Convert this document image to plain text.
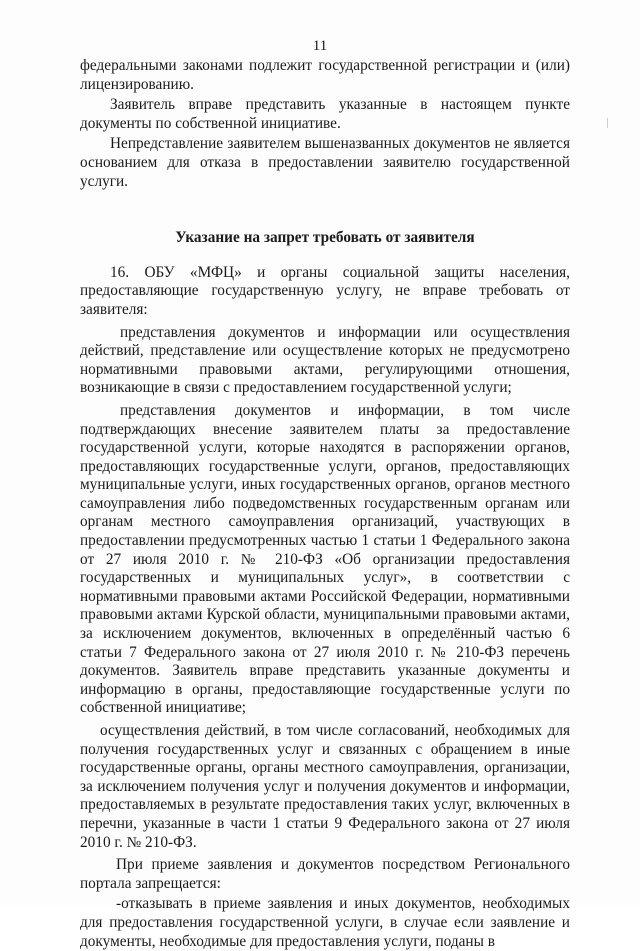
11

федеральными законами подлежит государственной регистрации и (или) лицензированию.

Заявитель вправе представить указанные в настоящем пункте документы по собственной инициативе.

Непредставление заявителем вышеназванных документов не является основанием для отказа в предоставлении заявителю государственной услуги.

Указание на запрет требовать от заявителя

16. ОБУ «МФЦ» и органы социальной защиты населения, предоставляющие государственную услугу, не вправе требовать от заявителя:

представления документов и информации или осуществления действий, представление или осуществление которых не предусмотрено нормативными правовыми актами, регулирующими отношения, возникающие в связи с предоставлением государственной услуги;

представления документов и информации, в том числе подтверждающих внесение заявителем платы за предоставление государственной услуги, которые находятся в распоряжении органов, предоставляющих государственные услуги, органов, предоставляющих муниципальные услуги, иных государственных органов, органов местного самоуправления либо подведомственных государственным органам или органам местного самоуправления организаций, участвующих в предоставлении предусмотренных частью 1 статьи 1 Федерального закона от 27 июля 2010 г. № 210-ФЗ «Об организации предоставления государственных и муниципальных услуг», в соответствии с нормативными правовыми актами Российской Федерации, нормативными правовыми актами Курской области, муниципальными правовыми актами, за исключением документов, включенных в определённый частью 6 статьи 7 Федерального закона от 27 июля 2010 г. № 210-ФЗ перечень документов. Заявитель вправе представить указанные документы и информацию в органы, предоставляющие государственные услуги по собственной инициативе;

осуществления действий, в том числе согласований, необходимых для получения государственных услуг и связанных с обращением в иные государственные органы, органы местного самоуправления, организации, за исключением получения услуг и получения документов и информации, предоставляемых в результате предоставления таких услуг, включенных в перечни, указанные в части 1 статьи 9 Федерального закона от 27 июля 2010 г. № 210-ФЗ.

При приеме заявления и документов посредством Регионального портала запрещается:

-отказывать в приеме заявления и иных документов, необходимых для предоставления государственной услуги, в случае если заявление и документы, необходимые для предоставления услуги, поданы в
